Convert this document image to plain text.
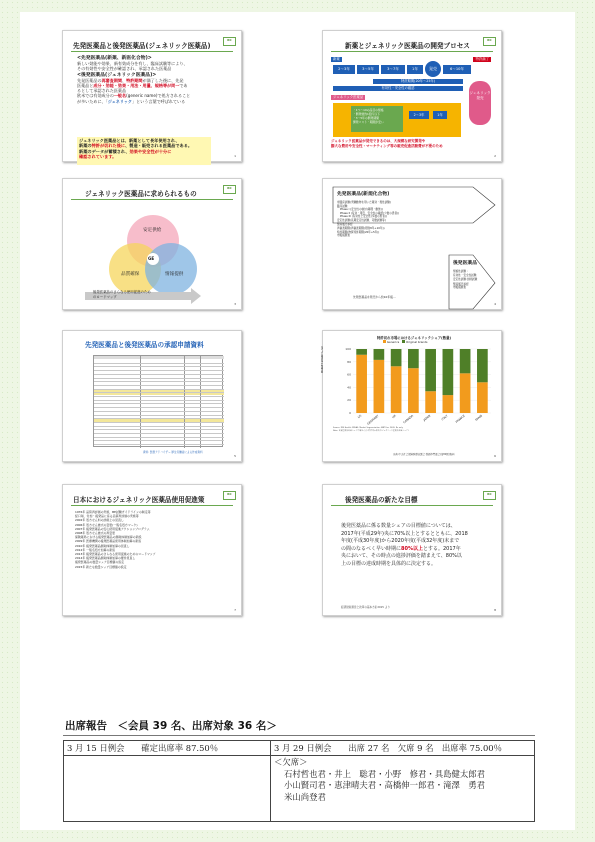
先発医薬品と後発医薬品(ジェネリック医薬品)
RC
<先発医薬品(新薬、新医化合物)>
新しい効能や効果、新有効成分を有し、臨床試験等により、
その有効性や安全性が確認され、承認された医薬品
<後発医薬品(ジェネリック医薬品)>
先発医薬品の再審査期間、特許期間が満了した後に、先発
医薬品と成分・効能・効果・用法・用量、規格等が同一であ
るとして承認された医薬品
欧米では有効成分の一般名(generic name)で処方されること
が多いために、「ジェネリック」という言葉で呼ばれている
ジェネリック医薬品とは、新薬として長年使用され、
新薬の特許が切れた後に、製造・販売される医薬品である。
新薬のデータが蓄積され、効果や安全性が十分に
確認されています。	1
新薬とジェネリック医薬品の開発プロセス
RC
新薬	特許満了
2～3年	3～5年	3～7年	1年	発売	6～10年
特許期間(20年～25年)
有効性・安全性の確認
ジェネリック発売
ジェネリック医薬品
・1つ～10の品目の規格
・開発費約1億円以下
・3～5年の開発期間
開発コスト・期間が安い
2～3年	1年
ジェネリック医薬品が発売できるのは、大規模な研究開発や
膨大な費用や安全性・マーケティング等の販売促進活動費が不要のため
2
ジェネリック医薬品に求められるもの
RC
安定供給
品質確保	情報提供
GE
後発医薬品のさらなる使用促進のため
のロードマップ
3
先発医薬品(新規化合物)
非臨床試験(実験動物を用いた薬効・毒性試験)
臨床試験
Phase I (安全性の検討(薬理・動態))
Phase II (有効・用量、安全性の確認(少数の患者))
Phase III (有効性と安全性(多数の患者))
安定性試験(長期安定性試験、苛酷試験等)
製造販売承認
再審査期間(再審査期間(原則8年+10年))
特許期間(物質特許期間(20年+5年))
市販後調査
後発医薬品
規格性試験 :
有効性・安全性試験
安定性試験:加速試験
製造販売承認
市販後調査
先発医薬品を発売から約10年後…
4
先発医薬品と後発医薬品の承認申請資料
資料: 医療アドバイザー 厚生労働省による作成資料
5
特許切れ市場におけるジェネリックシェア(数量)
Generics Original brands
MARKET SHARE %, SU
0
20
40
60
80
100
US GERMANY	UK CANADA	JAPAN	ITALY FRANCE	SPAIN
Source: IMS Health, MIDAS, Market Segmentation, MAT Dec 2009, Rx only.
Note: 後発医薬品数量シェアの算出方法 (特許切れ市場のジェネリック医薬品数量シェア)
出典:中央社会保険医療協議会 薬価専門部会(第89回)資料	6
日本におけるジェネリック医薬品使用促進策
RC
1976年 品質再評価の実施、BE試験ガイドラインの制定等
経口剤、付加・後発品に係る品質再評価の実施等
2002年 処方せん料の評価上の見直し
2006年 処方せん様式の変更(一般名処方マーク)
2007年 後発医薬品の安心使用促進アクションプログラム
2008年 処方せん様式の再変更
保険薬局における後発医薬品の調剤体制加算の新設
2009年 医療機関の後発医薬品使用体制加算の新設
2010年 後発医薬品調剤体制加算の見直し
2012年 一般名処方加算の新設
2013年 後発医薬品のさらなる使用促進のためのロードマップ
2014年 後発医薬品調剤体制加算の要件見直し
後発医薬品の数量シェア目標値の設定
2015年 新たな数量シェア目標値の設定
7
後発医薬品の新たな目標
RC
後発医薬品に係る数量シェアの目標値については、
2017年(平成29年)央に70%以上とするとともに、2018
年度(平成30年度)から2020年度(平成32年度)末まで
の間のなるべく早い時期に80%以上とする。2017年
央において、その時点の進捗評価を踏まえて、80%以
上の目標の達成時期を具体的に決定する。
経済財政運営と改革の基本方針2015 より
8
出席報告　＜会員 39 名、出席対象 36 名＞
3 月 15 日例会　　確定出席率 87.50％	3 月 29 日例会　　出席 27 名　欠席 9 名　出席率 75.00％

	＜欠席＞
石村哲也君・井上　聡君・小野　修君・具島健太郎君
小山賢司君・恵津晴夫君・高橋伸一郎君・滝澤　勇君
米山尚登君
